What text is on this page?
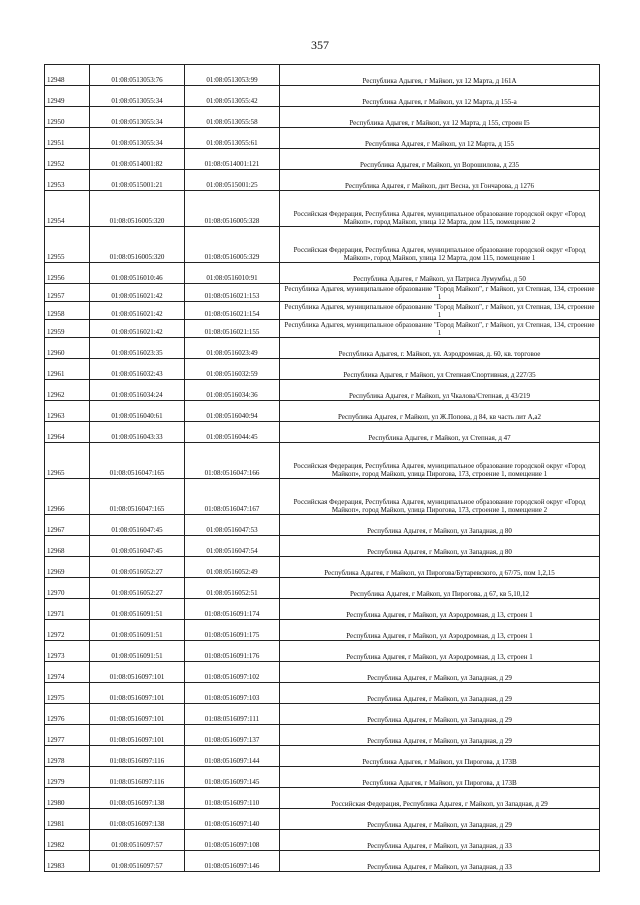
357
12948	01:08:0513053:76	01:08:0513053:99	Республика Адыгея, г Майкоп, ул 12 Марта, д 161А

12949	01:08:0513055:34	01:08:0513055:42	Республика Адыгея, г Майкоп, ул 12 Марта, д 155-а

12950	01:08:0513055:34	01:08:0513055:58	Республика Адыгея, г Майкоп, ул 12 Марта, д 155, строен I5

12951	01:08:0513055:34	01:08:0513055:61	Республика Адыгея, г Майкоп, ул 12 Марта, д 155

12952	01:08:0514001:82	01:08:0514001:121	Республика Адыгея, г Майкоп, ул Ворошилова, д 235

12953	01:08:0515001:21	01:08:0515001:25	Республика Адыгея, г Майкоп, днт Весна, ул Гончарова, д 1276

12954	01:08:0516005:320	01:08:0516005:328	Российская Федерация, Республика Адыгея, муниципальное образование городской округ «Город Майкоп», город Майкоп, улица 12 Марта, дом 115, помещение 2

12955	01:08:0516005:320	01:08:0516005:329	Российская Федерация, Республика Адыгея, муниципальное образование городской округ «Город Майкоп», город Майкоп, улица 12 Марта, дом 115, помещение 1

12956	01:08:0516010:46	01:08:0516010:91	Республика Адыгея, г Майкоп, ул Патриса Лумумбы, д 50

12957	01:08:0516021:42	01:08:0516021:153	Республика Адыгея, муниципальное образование "Город Майкоп", г Майкоп, ул Степная, 134, строение 1

12958	01:08:0516021:42	01:08:0516021:154	Республика Адыгея, муниципальное образование "Город Майкоп", г Майкоп, ул Степная, 134, строение 1

12959	01:08:0516021:42	01:08:0516021:155	Республика Адыгея, муниципальное образование "Город Майкоп", г Майкоп, ул Степная, 134, строение 1

12960	01:08:0516023:35	01:08:0516023:49	Республика Адыгея, г. Майкоп, ул. Аэродромная, д. 60, кв. торговое

12961	01:08:0516032:43	01:08:0516032:59	Республика Адыгея, г Майкоп, ул Степная/Спортивная, д 227/35

12962	01:08:0516034:24	01:08:0516034:36	Республика Адыгея, г Майкоп, ул Чкалова/Степная, д 43/219

12963	01:08:0516040:61	01:08:0516040:94	Республика Адыгея, г Майкоп, ул Ж.Попова, д 84, кв часть лит А,а2

12964	01:08:0516043:33	01:08:0516044:45	Республика Адыгея, г Майкоп, ул Степная, д 47

12965	01:08:0516047:165	01:08:0516047:166	Российская Федерация, Республика Адыгея, муниципальное образование городской округ «Город Майкоп», город Майкоп, улица Пирогова, 173, строение 1, помещение 1

12966	01:08:0516047:165	01:08:0516047:167	Российская Федерация, Республика Адыгея, муниципальное образование городской округ «Город Майкоп», город Майкоп, улица Пирогова, 173, строение 1, помещение 2

12967	01:08:0516047:45	01:08:0516047:53	Республика Адыгея, г Майкоп, ул Западная, д 80

12968	01:08:0516047:45	01:08:0516047:54	Республика Адыгея, г Майкоп, ул Западная, д 80

12969	01:08:0516052:27	01:08:0516052:49	Республика Адыгея, г Майкоп, ул Пирогова/Бутаревского, д 67/75, пом 1,2,15

12970	01:08:0516052:27	01:08:0516052:51	Республика Адыгея, г Майкоп, ул Пирогова, д 67, кв 5,10,12

12971	01:08:0516091:51	01:08:0516091:174	Республика Адыгея, г Майкоп, ул Аэродромная, д 13, строен 1

12972	01:08:0516091:51	01:08:0516091:175	Республика Адыгея, г Майкоп, ул Аэродромная, д 13, строен 1

12973	01:08:0516091:51	01:08:0516091:176	Республика Адыгея, г Майкоп, ул Аэродромная, д 13, строен 1

12974	01:08:0516097:101	01:08:0516097:102	Республика Адыгея, г Майкоп, ул Западная, д 29

12975	01:08:0516097:101	01:08:0516097:103	Республика Адыгея, г Майкоп, ул Западная, д 29

12976	01:08:0516097:101	01:08:0516097:111	Республика Адыгея, г Майкоп, ул Западная, д 29

12977	01:08:0516097:101	01:08:0516097:137	Республика Адыгея, г Майкоп, ул Западная, д 29

12978	01:08:0516097:116	01:08:0516097:144	Республика Адыгея, г Майкоп, ул Пирогова, д 173В

12979	01:08:0516097:116	01:08:0516097:145	Республика Адыгея, г Майкоп, ул Пирогова, д 173В

12980	01:08:0516097:138	01:08:0516097:110	Российская Федерация, Республика Адыгея, г Майкоп, ул Западная, д 29

12981	01:08:0516097:138	01:08:0516097:140	Республика Адыгея, г Майкоп, ул Западная, д 29

12982	01:08:0516097:57	01:08:0516097:108	Республика Адыгея, г Майкоп, ул Западная, д 33

12983	01:08:0516097:57	01:08:0516097:146	Республика Адыгея, г Майкоп, ул Западная, д 33
